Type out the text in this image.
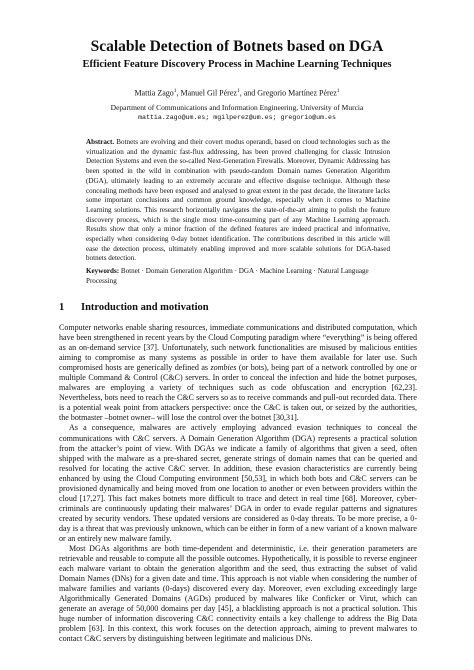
Scalable Detection of Botnets based on DGA
Efficient Feature Discovery Process in Machine Learning Techniques
Mattia Zago$^1$, Manuel Gil Pérez$^1$, and Gregorio Martínez Pérez$^1$
Department of Communications and Information Engineering, University of Murcia
mattia.zago@um.es; mgilperez@um.es; gregorio@um.es
Abstract. Botnets are evolving and their covert modus operandi, based on cloud technologies such as the virtualization and the dynamic fast-flux addressing, has been proved challenging for classic Intrusion Detection Systems and even the so-called Next-Generation Firewalls. Moreover, Dynamic Addressing has been spotted in the wild in combination with pseudo-random Domain names Generation Algorithm (DGA), ultimately leading to an extremely accurate and effective disguise technique. Although these concealing methods have been exposed and analysed to great extent in the past decade, the literature lacks some important conclusions and common ground knowledge, especially when it comes to Machine Learning solutions. This research horizontally navigates the state-of-the-art aiming to polish the feature discovery process, which is the single most time-consuming part of any Machine Learning approach. Results show that only a minor fraction of the defined features are indeed practical and informative, especially when considering 0-day botnet identification. The contributions described in this article will ease the detection process, ultimately enabling improved and more scalable solutions for DGA-based botnets detection.
Keywords: Botnet · Domain Generation Algorithm · DGA · Machine Learning · Natural Language Processing
1 Introduction and motivation

Computer networks enable sharing resources, immediate communications and distributed computation, which have been strengthened in recent years by the Cloud Computing paradigm where “everything” is being offered as an on-demand service [37]. Unfortunately, such network functionalities are misused by malicious entities aiming to compromise as many systems as possible in order to have them available for later use. Such compromised hosts are generically defined as zombies (or bots), being part of a network controlled by one or multiple Command & Control (C&C) servers. In order to conceal the infection and hide the botnet purposes, malwares are employing a variety of techniques such as code obfuscation and encryption [62,23]. Nevertheless, bots need to reach the C&C servers so as to receive commands and pull-out recorded data. There is a potential weak point from attackers perspective: once the C&C is taken out, or seized by the authorities, the botmaster –botnet owner– will lose the control over the botnet [30,31].

As a consequence, malwares are actively employing advanced evasion techniques to conceal the communications with C&C servers. A Domain Generation Algorithm (DGA) represents a practical solution from the attacker’s point of view. With DGAs we indicate a family of algorithms that given a seed, often shipped with the malware as a pre-shared secret, generate strings of domain names that can be queried and resolved for locating the active C&C server. In addition, these evasion characteristics are currently being enhanced by using the Cloud Computing environment [50,53], in which both bots and C&C servers can be provisioned dynamically and being moved from one location to another or even between providers within the cloud [17,27]. This fact makes botnets more difficult to trace and detect in real time [68]. Moreover, cyber-criminals are continuously updating their malwares’ DGA in order to evade regular patterns and signatures created by security vendors. These updated versions are considered as 0-day threats. To be more precise, a 0-day is a threat that was previously unknown, which can be either in form of a new variant of a known malware or an entirely new malware family.

Most DGAs algorithms are both time-dependent and deterministic, i.e. their generation parameters are retrievable and reusable to compute all the possible outcomes. Hypothetically, it is possible to reverse engineer each malware variant to obtain the generation algorithm and the seed, thus extracting the subset of valid Domain Names (DNs) for a given date and time. This approach is not viable when considering the number of malware families and variants (0-days) discovered every day. Moreover, even excluding exceedingly large Algorithmically Generated Domains (AGDs) produced by malwares like Conficker or Virut, which can generate an average of 50,000 domains per day [45], a blacklisting approach is not a practical solution. This huge number of information discovering C&C connectivity entails a key challenge to address the Big Data problem [63]. In this context, this work focuses on the detection approach, aiming to prevent malwares to contact C&C servers by distinguishing between legitimate and malicious DNs.
